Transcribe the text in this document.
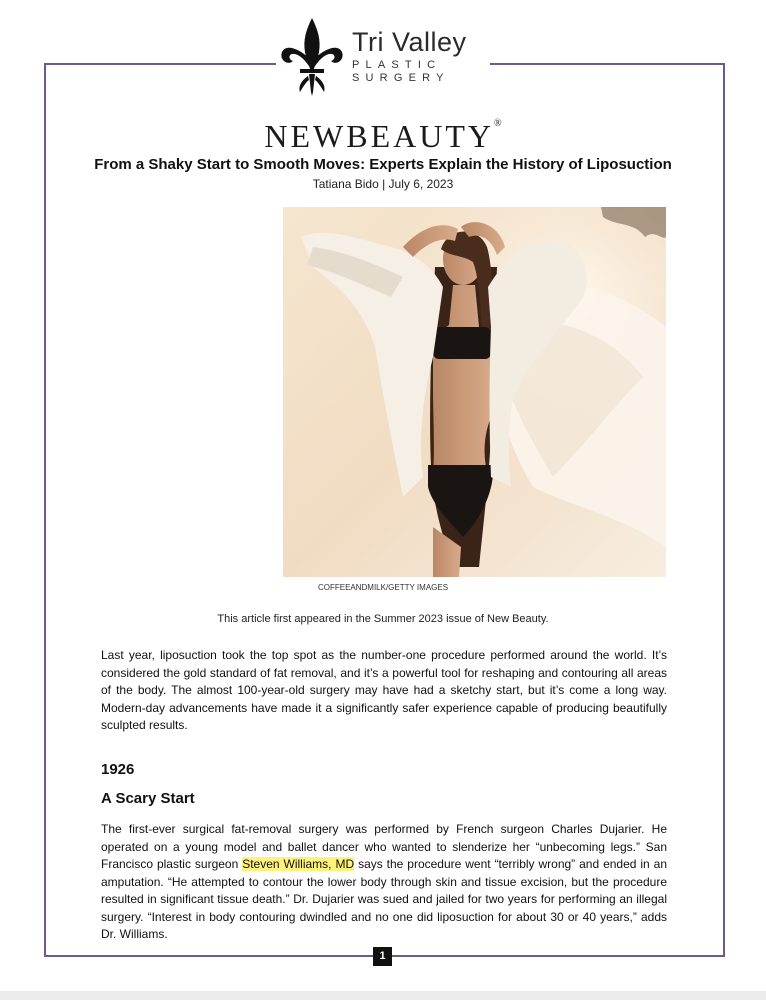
Tri Valley
PLASTIC
SURGERY
NEWBEAUTY®
From a Shaky Start to Smooth Moves: Experts Explain the History of Liposuction
Tatiana Bido | July 6, 2023
COFFEEANDMILK/GETTY IMAGES
This article first appeared in the Summer 2023 issue of New Beauty.
Last year, liposuction took the top spot as the number-one procedure performed around the world. It’s considered the gold standard of fat removal, and it’s a powerful tool for reshaping and contouring all areas of the body. The almost 100-year-old surgery may have had a sketchy start, but it’s come a long way. Modern-day advancements have made it a significantly safer experience capable of producing beautifully sculpted results.
1926
A Scary Start
The first-ever surgical fat-removal surgery was performed by French surgeon Charles Dujarier. He operated on a young model and ballet dancer who wanted to slenderize her “unbecoming legs.” San Francisco plastic surgeon Steven Williams, MD says the procedure went “terribly wrong” and ended in an amputation. “He attempted to contour the lower body through skin and tissue excision, but the procedure resulted in significant tissue death.” Dr. Dujarier was sued and jailed for two years for performing an illegal surgery. “Interest in body contouring dwindled and no one did liposuction for about 30 or 40 years,” adds Dr. Williams.
1
